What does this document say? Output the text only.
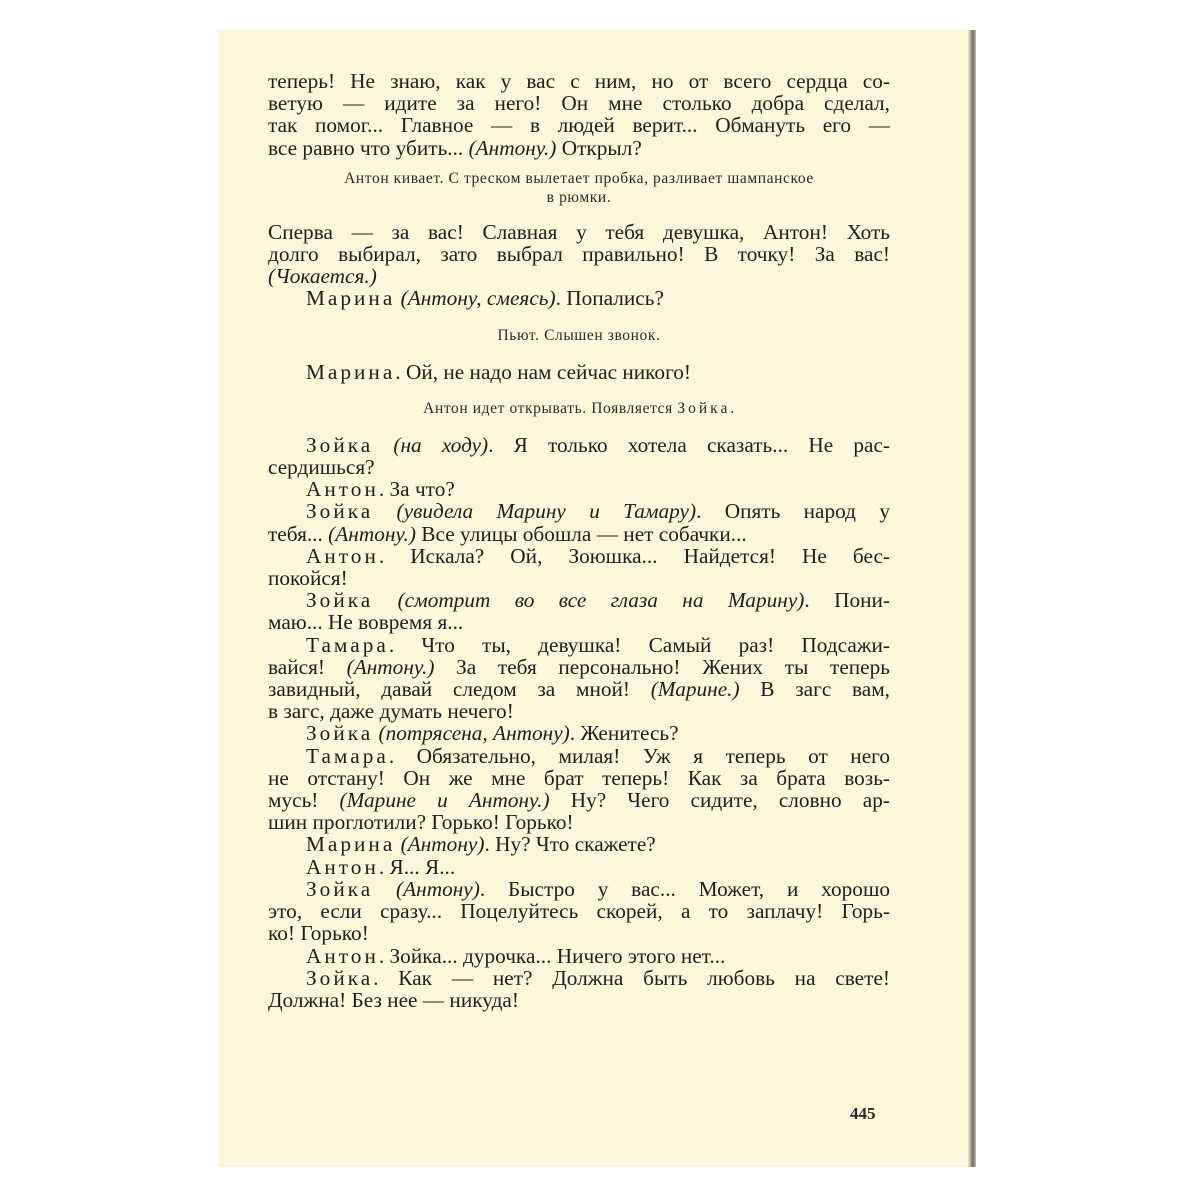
теперь! Не знаю, как у вас с ним, но от всего сердца со-
ветую — идите за него! Он мне столько добра сделал,
так помог... Главное — в людей верит... Обмануть его —
все равно что убить... (Антону.) Открыл?
Антон кивает. С треском вылетает пробка, разливает шампанское
в рюмки.
Сперва — за вас! Славная у тебя девушка, Антон! Хоть
долго выбирал, зато выбрал правильно! В точку! За вас!
(Чокается.)
Марина (Антону, смеясь). Попались?
Пьют. Слышен звонок.
Марина. Ой, не надо нам сейчас никого!
Антон идет открывать. Появляется Зойка.
Зойка (на ходу). Я только хотела сказать... Не рас-
сердишься?
Антон. За что?
Зойка (увидела Марину и Тамару). Опять народ у
тебя... (Антону.) Все улицы обошла — нет собачки...
Антон. Искала? Ой, Зоюшка... Найдется! Не бес-
покойся!
Зойка (смотрит во все глаза на Марину). Пони-
маю... Не вовремя я...
Тамара. Что ты, девушка! Самый раз! Подсажи-
вайся! (Антону.) За тебя персонально! Жених ты теперь
завидный, давай следом за мной! (Марине.) В загс вам,
в загс, даже думать нечего!
Зойка (потрясена, Антону). Женитесь?
Тамара. Обязательно, милая! Уж я теперь от него
не отстану! Он же мне брат теперь! Как за брата возь-
мусь! (Марине и Антону.) Ну? Чего сидите, словно ар-
шин проглотили? Горько! Горько!
Марина (Антону). Ну? Что скажете?
Антон. Я... Я...
Зойка (Антону). Быстро у вас... Может, и хорошо
это, если сразу... Поцелуйтесь скорей, а то заплачу! Горь-
ко! Горько!
Антон. Зойка... дурочка... Ничего этого нет...
Зойка. Как — нет? Должна быть любовь на свете!
Должна! Без нее — никуда!
445
